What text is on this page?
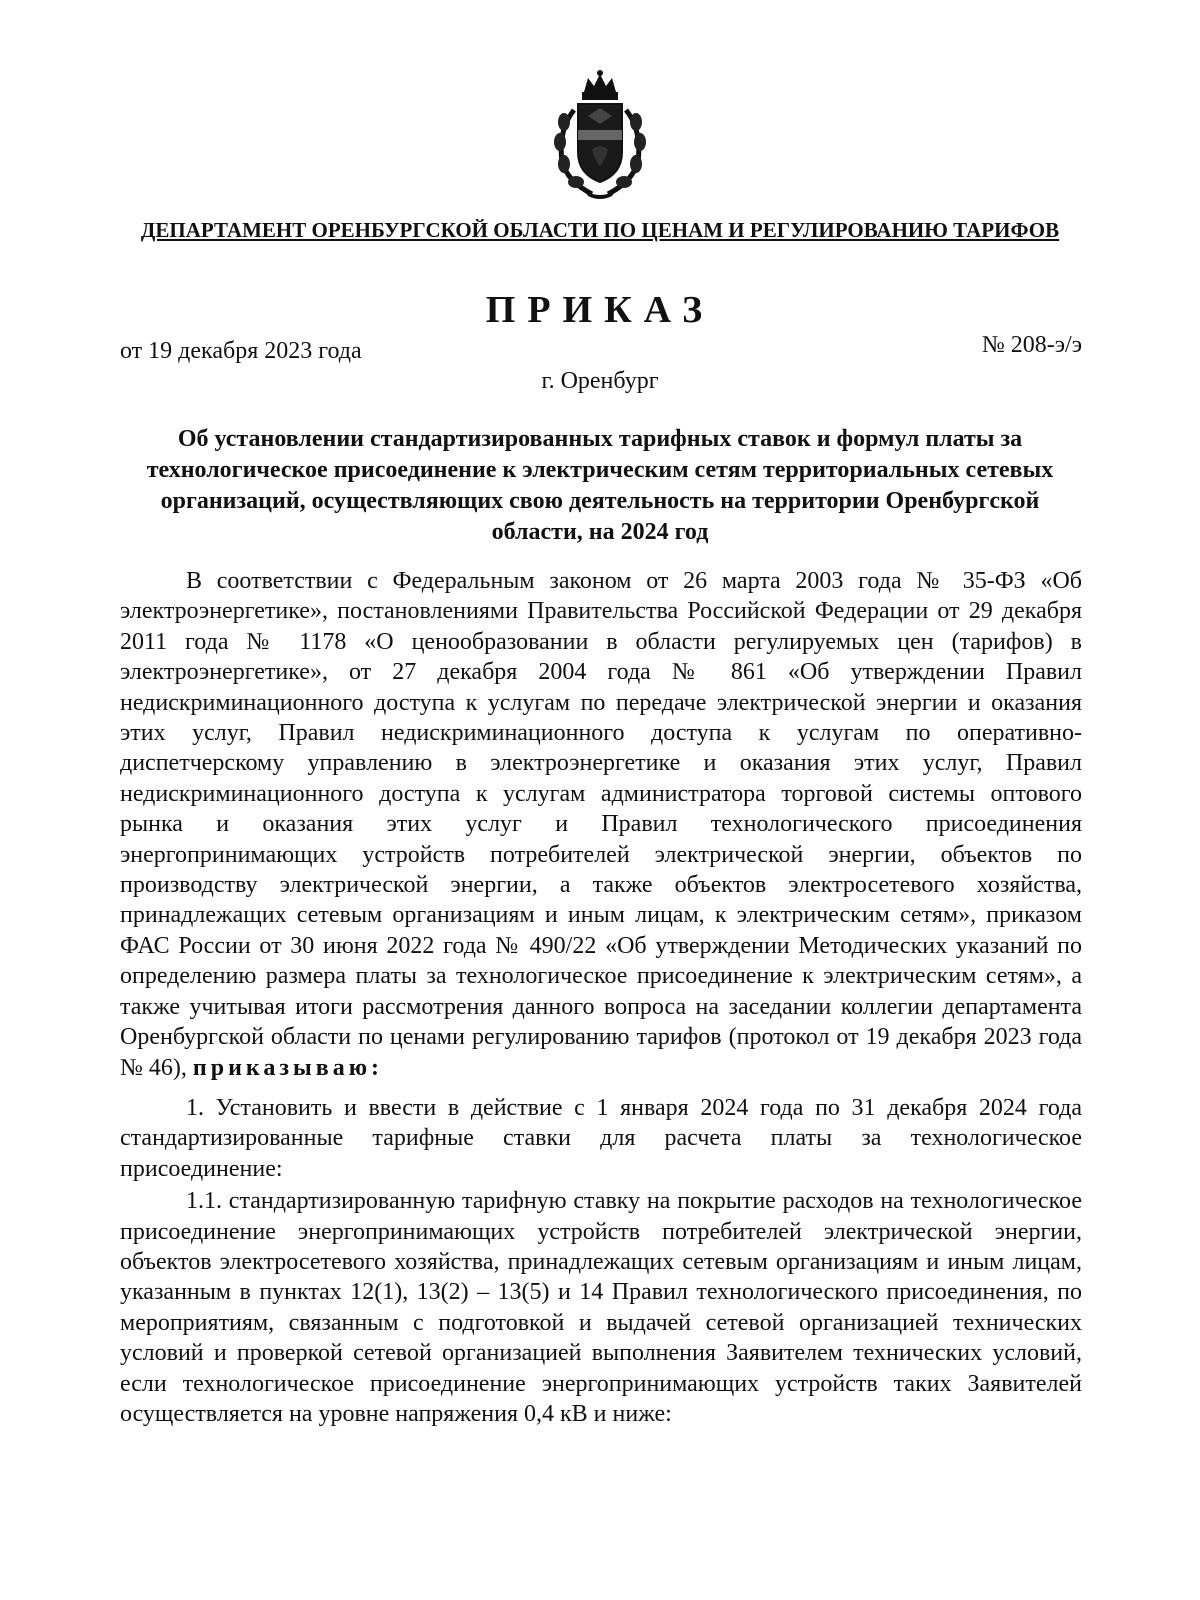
ДЕПАРТАМЕНТ ОРЕНБУРГСКОЙ ОБЛАСТИ ПО ЦЕНАМ И РЕГУЛИРОВАНИЮ ТАРИФОВ
ПРИКАЗ
от 19 декабря 2023 года	№ 208-э/э
г. Оренбург
Об установлении стандартизированных тарифных ставок и формул платы за технологическое присоединение к электрическим сетям территориальных сетевых организаций, осуществляющих свою деятельность на территории Оренбургской области, на 2024 год

В соответствии с Федеральным законом от 26 марта 2003 года № 35-ФЗ «Об электроэнергетике», постановлениями Правительства Российской Федерации от 29 декабря 2011 года № 1178 «О ценообразовании в области регулируемых цен (тарифов) в электроэнергетике», от 27 декабря 2004 года № 861 «Об утверждении Правил недискриминационного доступа к услугам по передаче электрической энергии и оказания этих услуг, Правил недискриминационного доступа к услугам по оперативно-диспетчерскому управлению в электроэнергетике и оказания этих услуг, Правил недискриминационного доступа к услугам администратора торговой системы оптового рынка и оказания этих услуг и Правил технологического присоединения энергопринимающих устройств потребителей электрической энергии, объектов по производству электрической энергии, а также объектов электросетевого хозяйства, принадлежащих сетевым организациям и иным лицам, к электрическим сетям», приказом ФАС России от 30 июня 2022 года № 490/22 «Об утверждении Методических указаний по определению размера платы за технологическое присоединение к электрическим сетям», а также учитывая итоги рассмотрения данного вопроса на заседании коллегии департамента Оренбургской области по ценами регулированию тарифов (протокол от 19 декабря 2023 года № 46), приказываю:

1. Установить и ввести в действие с 1 января 2024 года по 31 декабря 2024 года стандартизированные тарифные ставки для расчета платы за технологическое присоединение:

1.1. стандартизированную тарифную ставку на покрытие расходов на технологическое присоединение энергопринимающих устройств потребителей электрической энергии, объектов электросетевого хозяйства, принадлежащих сетевым организациям и иным лицам, указанным в пунктах 12(1), 13(2) – 13(5) и 14 Правил технологического присоединения, по мероприятиям, связанным с подготовкой и выдачей сетевой организацией технических условий и проверкой сетевой организацией выполнения Заявителем технических условий, если технологическое присоединение энергопринимающих устройств таких Заявителей осуществляется на уровне напряжения 0,4 кВ и ниже:
